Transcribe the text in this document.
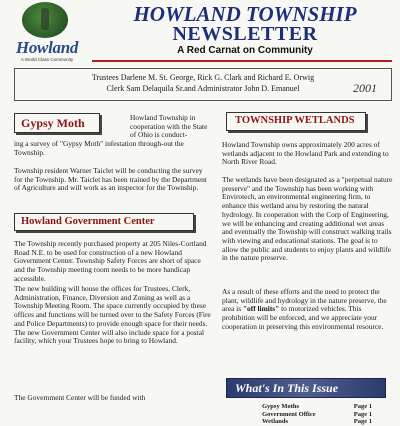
Howland
A World Class Community
HOWLAND TOWNSHIP
NEWSLETTER
A Red Carnat on Community

Trustees Darlene M. St. George, Rick G. Clark and Richard E. Orwig

Clerk Sam Delaquila Sr.and Administrator John D. Emanuel	2001
Gypsy Moth	Howland Township in cooperation with the State of Ohio is conduct-
ing a survey of "Gypsy Moth" infestation through-out the Township.
Township resident Warner Taiclet will be conducting the survey for the Township. Mr. Taiclet has been trained by the Department of Agriculture and will work as an inspector for the Township.
Howland Government Center
The Township recently purchased property at 205 Niles-Cortland Road N.E. to be used for construction of a new Howland Government Center. Township Safety Forces are short of space and the Township meeting room needs to be more handicap accessible.
The new building will house the offices for Trustees, Clerk, Administration, Finance, Diversion and Zoning as well as a Township Meeting Room. The space currently occupied by these offices and functions will be turned over to the Safety Forces (Fire and Police Departments) to provide enough space for their needs. The new Government Center will also include space for a postal facility, which your Trustees hope to bring to Howland.
The Government Center will be funded with
TOWNSHIP WETLANDS
Howland Township owns approximately 200 acres of wetlands adjacent to the Howland Park and extending to North River Road.
The wetlands have been designated as a "perpetual nature preserve" and the Township has been working with Envirotech, an environmental engineering firm, to enhance this wetland area by restoring the natural hydrology. In cooperation with the Corp of Engineering, we will be enhancing and creating additional wet areas and eventually the Township will construct walking trails with viewing and educational stations. The goal is to allow the public and students to enjoy plants and wildlife in the nature preserve.
As a result of these efforts and the need to protect the plant, wildlife and hydrology in the nature preserve, the area is "off limits" to motorized vehicles. This prohibition will be enforced, and we appreciate your cooperation in preserving this environmental resource.
What's In This Issue
Gypsy Moths	Page 1
Government Office	Page 1
Wetlands	Page 1
